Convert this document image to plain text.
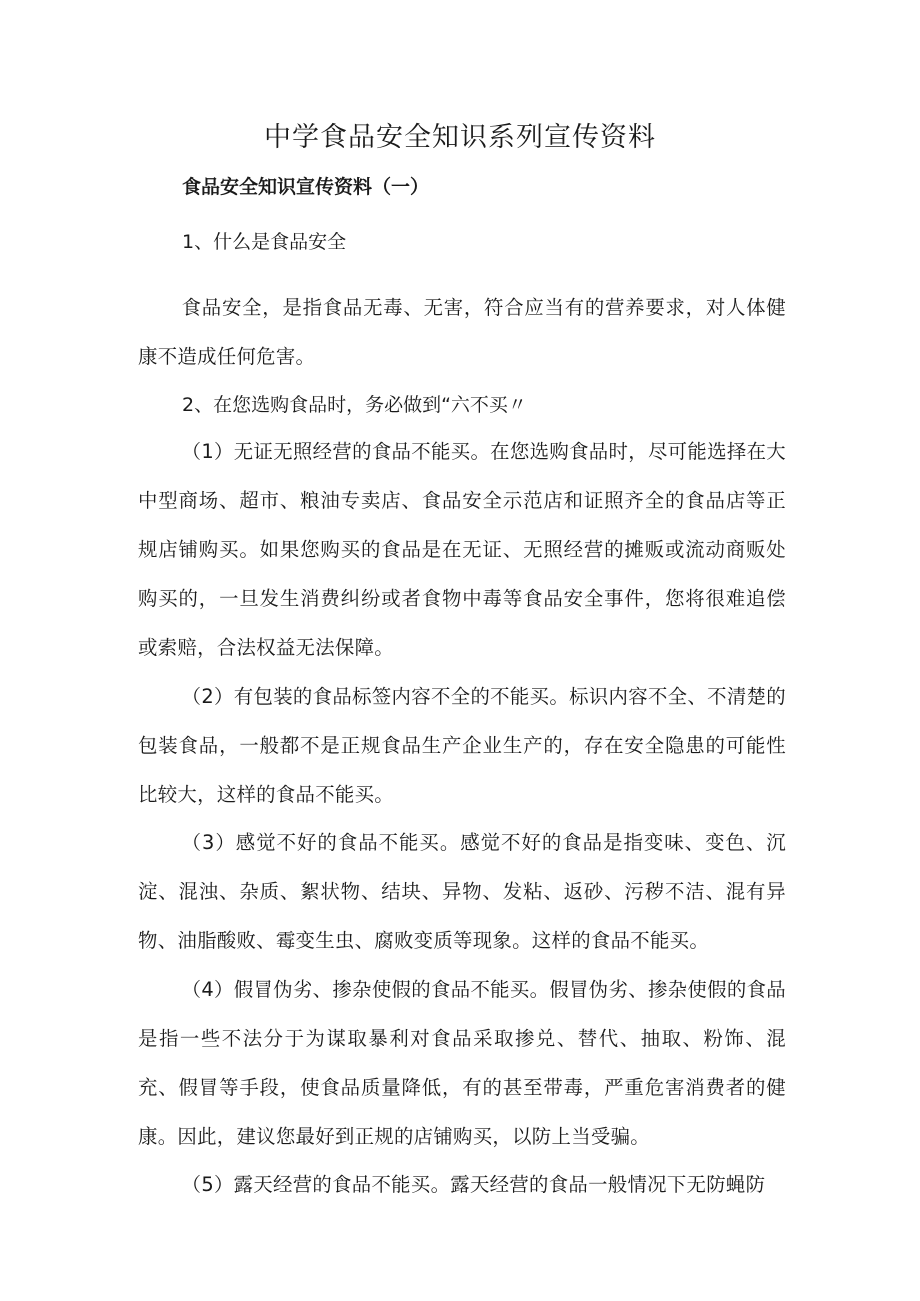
中学食品安全知识系列宣传资料
食品安全知识宣传资料（一）
1、什么是食品安全
食品安全，是指食品无毒、无害，符合应当有的营养要求，对人体健康不造成任何危害。
2、在您选购食品时，务必做到“六不买〃
（1）无证无照经营的食品不能买。在您选购食品时，尽可能选择在大中型商场、超市、粮油专卖店、食品安全示范店和证照齐全的食品店等正规店铺购买。如果您购买的食品是在无证、无照经营的摊贩或流动商贩处购买的，一旦发生消费纠纷或者食物中毒等食品安全事件，您将很难追偿或索赔，合法权益无法保障。
（2）有包装的食品标签内容不全的不能买。标识内容不全、不清楚的包装食品，一般都不是正规食品生产企业生产的，存在安全隐患的可能性比较大，这样的食品不能买。
（3）感觉不好的食品不能买。感觉不好的食品是指变味、变色、沉淀、混浊、杂质、絮状物、结块、异物、发粘、返砂、污秽不洁、混有异物、油脂酸败、霉变生虫、腐败变质等现象。这样的食品不能买。
（4）假冒伪劣、掺杂使假的食品不能买。假冒伪劣、掺杂使假的食品是指一些不法分于为谋取暴利对食品采取掺兑、替代、抽取、粉饰、混充、假冒等手段，使食品质量降低，有的甚至带毒，严重危害消费者的健康。因此，建议您最好到正规的店铺购买，以防上当受骗。
（5）露天经营的食品不能买。露天经营的食品一般情况下无防蝇防
